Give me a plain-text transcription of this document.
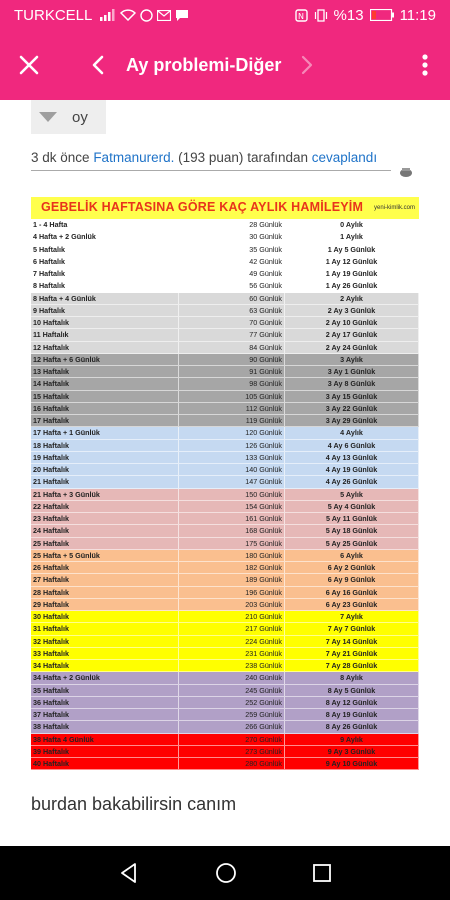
TURKCELL	N %13 11:19
Ay problemi-Diğer
oy
3 dk önce Fatmanurerd. (193 puan) tarafından cevaplandı
GEBELİK HAFTASINA GÖRE KAÇ AYLIK HAMİLEYİM yeni-kimlik.com
1 - 4 Hafta	28 Günlük	0 Aylık
4 Hafta + 2 Günlük	30 Günlük	1 Aylık
5 Haftalık	35 Günlük	1 Ay 5 Günlük
6 Haftalık	42 Günlük	1 Ay 12 Günlük
7 Haftalık	49 Günlük	1 Ay 19 Günlük
8 Haftalık	56 Günlük	1 Ay 26 Günlük
8 Hafta + 4 Günlük	60 Günlük	2 Aylık
9 Haftalık	63 Günlük	2 Ay 3 Günlük
10 Haftalık	70 Günlük	2 Ay 10 Günlük
11 Haftalık	77 Günlük	2 Ay 17 Günlük
12 Haftalık	84 Günlük	2 Ay 24 Günlük
12 Hafta + 6 Günlük	90 Günlük	3 Aylık
13 Haftalık	91 Günlük	3 Ay 1 Günlük
14 Haftalık	98 Günlük	3 Ay 8 Günlük
15 Haftalık	105 Günlük	3 Ay 15 Günlük
16 Haftalık	112 Günlük	3 Ay 22 Günlük
17 Haftalık	119 Günlük	3 Ay 29 Günlük
17 Hafta + 1 Günlük	120 Günlük	4 Aylık
18 Haftalık	126 Günlük	4 Ay 6 Günlük
19 Haftalık	133 Günlük	4 Ay 13 Günlük
20 Haftalık	140 Günlük	4 Ay 19 Günlük
21 Haftalık	147 Günlük	4 Ay 26 Günlük
21 Hafta + 3 Günlük	150 Günlük	5 Aylık
22 Haftalık	154 Günlük	5 Ay 4 Günlük
23 Haftalık	161 Günlük	5 Ay 11 Günlük
24 Haftalık	168 Günlük	5 Ay 18 Günlük
25 Haftalık	175 Günlük	5 Ay 25 Günlük
25 Hafta + 5 Günlük	180 Günlük	6 Aylık
26 Haftalık	182 Günlük	6 Ay 2 Günlük
27 Haftalık	189 Günlük	6 Ay 9 Günlük
28 Haftalık	196 Günlük	6 Ay 16 Günlük
29 Haftalık	203 Günlük	6 Ay 23 Günlük
30 Haftalık	210 Günlük	7 Aylık
31 Haftalık	217 Günlük	7 Ay 7 Günlük
32 Haftalık	224 Günlük	7 Ay 14 Günlük
33 Haftalık	231 Günlük	7 Ay 21 Günlük
34 Haftalık	238 Günlük	7 Ay 28 Günlük
34 Hafta + 2 Günlük	240 Günlük	8 Aylık
35 Haftalık	245 Günlük	8 Ay 5 Günlük
36 Haftalık	252 Günlük	8 Ay 12 Günlük
37 Haftalık	259 Günlük	8 Ay 19 Günlük
38 Haftalık	266 Günlük	8 Ay 26 Günlük
38 Hafta 4 Günlük	270 Günlük	9 Aylık
39 Haftalık	273 Günlük	9 Ay 3 Günlük
40 Haftalık	280 Günlük	9 Ay 10 Günlük
burdan bakabilirsin canım
